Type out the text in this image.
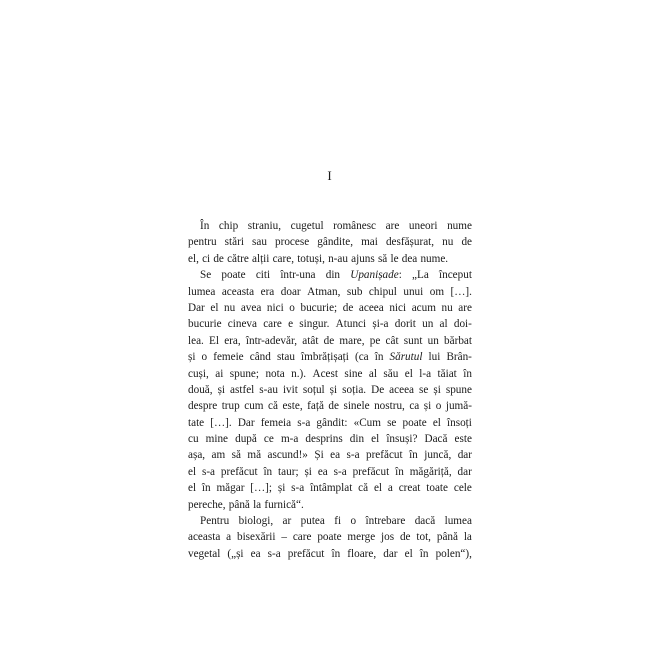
I
În chip straniu, cugetul românesc are uneori nume
pentru stări sau procese gândite, mai desfășurat, nu de
el, ci de către alții care, totuși, n-au ajuns să le dea nume.
Se poate citi într-una din Upanișade: „La început
lumea aceasta era doar Atman, sub chipul unui om […].
Dar el nu avea nici o bucurie; de aceea nici acum nu are
bucurie cineva care e singur. Atunci și-a dorit un al doi-
lea. El era, într-adevăr, atât de mare, pe cât sunt un bărbat
și o femeie când stau îmbrățișați (ca în Sărutul lui Brân-
cuși, ai spune; nota n.). Acest sine al său el l-a tăiat în
două, și astfel s-au ivit soțul și soția. De aceea se și spune
despre trup cum că este, față de sinele nostru, ca și o jumă-
tate […]. Dar femeia s-a gândit: «Cum se poate el însoți
cu mine după ce m-a desprins din el însuși? Dacă este
așa, am să mă ascund!» Și ea s-a prefăcut în juncă, dar
el s-a prefăcut în taur; și ea s-a prefăcut în măgăriță, dar
el în măgar […]; și s-a întâmplat că el a creat toate cele
pereche, până la furnică“.
Pentru biologi, ar putea fi o întrebare dacă lumea
aceasta a bisexării – care poate merge jos de tot, până la
vegetal („și ea s-a prefăcut în floare, dar el în polen“),
